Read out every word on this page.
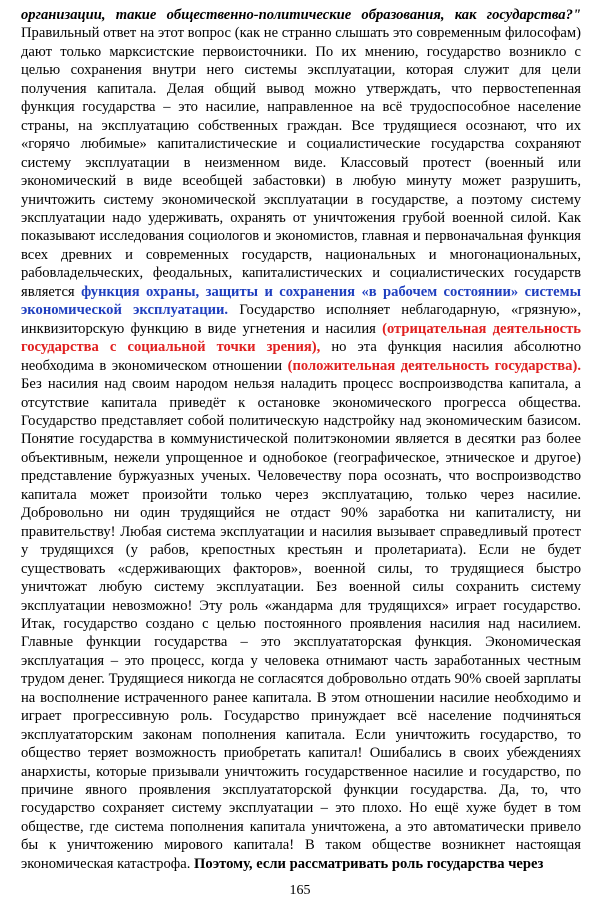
организации, такие общественно-политические образования, как государства?" Правильный ответ на этот вопрос (как не странно слышать это современным философам) дают только марксистские первоисточники. По их мнению, государство возникло с целью сохранения внутри него системы эксплуатации, которая служит для цели получения капитала. Делая общий вывод можно утверждать, что первостепенная функция государства – это насилие, направленное на всё трудоспособное население страны, на эксплуатацию собственных граждан. Все трудящиеся осознают, что их «горячо любимые» капиталистические и социалистические государства сохраняют систему эксплуатации в неизменном виде. Классовый протест (военный или экономический в виде всеобщей забастовки) в любую минуту может разрушить, уничтожить систему экономической эксплуатации в государстве, а поэтому систему эксплуатации надо удерживать, охранять от уничтожения грубой военной силой. Как показывают исследования социологов и экономистов, главная и первоначальная функция всех древних и современных государств, национальных и многонациональных, рабовладельческих, феодальных, капиталистических и социалистических государств является функция охраны, защиты и сохранения «в рабочем состоянии» системы экономической эксплуатации. Государство исполняет неблагодарную, «грязную», инквизиторскую функцию в виде угнетения и насилия (отрицательная деятельность государства с социальной точки зрения), но эта функция насилия абсолютно необходима в экономическом отношении (положительная деятельность государства). Без насилия над своим народом нельзя наладить процесс воспроизводства капитала, а отсутствие капитала приведёт к остановке экономического прогресса общества. Государство представляет собой политическую надстройку над экономическим базисом. Понятие государства в коммунистической политэкономии является в десятки раз более объективным, нежели упрощенное и однобокое (географическое, этническое и другое) представление буржуазных ученых. Человечеству пора осознать, что воспроизводство капитала может произойти только через эксплуатацию, только через насилие. Добровольно ни один трудящийся не отдаст 90% заработка ни капиталисту, ни правительству! Любая система эксплуатации и насилия вызывает справедливый протест у трудящихся (у рабов, крепостных крестьян и пролетариата). Если не будет существовать «сдерживающих факторов», военной силы, то трудящиеся быстро уничтожат любую систему эксплуатации. Без военной силы сохранить систему эксплуатации невозможно! Эту роль «жандарма для трудящихся» играет государство. Итак, государство создано с целью постоянного проявления насилия над насилием. Главные функции государства – это эксплуататорская функция. Экономическая эксплуатация – это процесс, когда у человека отнимают часть заработанных честным трудом денег. Трудящиеся никогда не согласятся добровольно отдать 90% своей зарплаты на восполнение истраченного ранее капитала. В этом отношении насилие необходимо и играет прогрессивную роль. Государство принуждает всё население подчиняться эксплуататорским законам пополнения капитала. Если уничтожить государство, то общество теряет возможность приобретать капитал! Ошибались в своих убеждениях анархисты, которые призывали уничтожить государственное насилие и государство, по причине явного проявления эксплуататорской функции государства. Да, то, что государство сохраняет систему эксплуатации – это плохо. Но ещё хуже будет в том обществе, где система пополнения капитала уничтожена, а это автоматически привело бы к уничтожению мирового капитала! В таком обществе возникнет настоящая экономическая катастрофа. Поэтому, если рассматривать роль государства через

165
